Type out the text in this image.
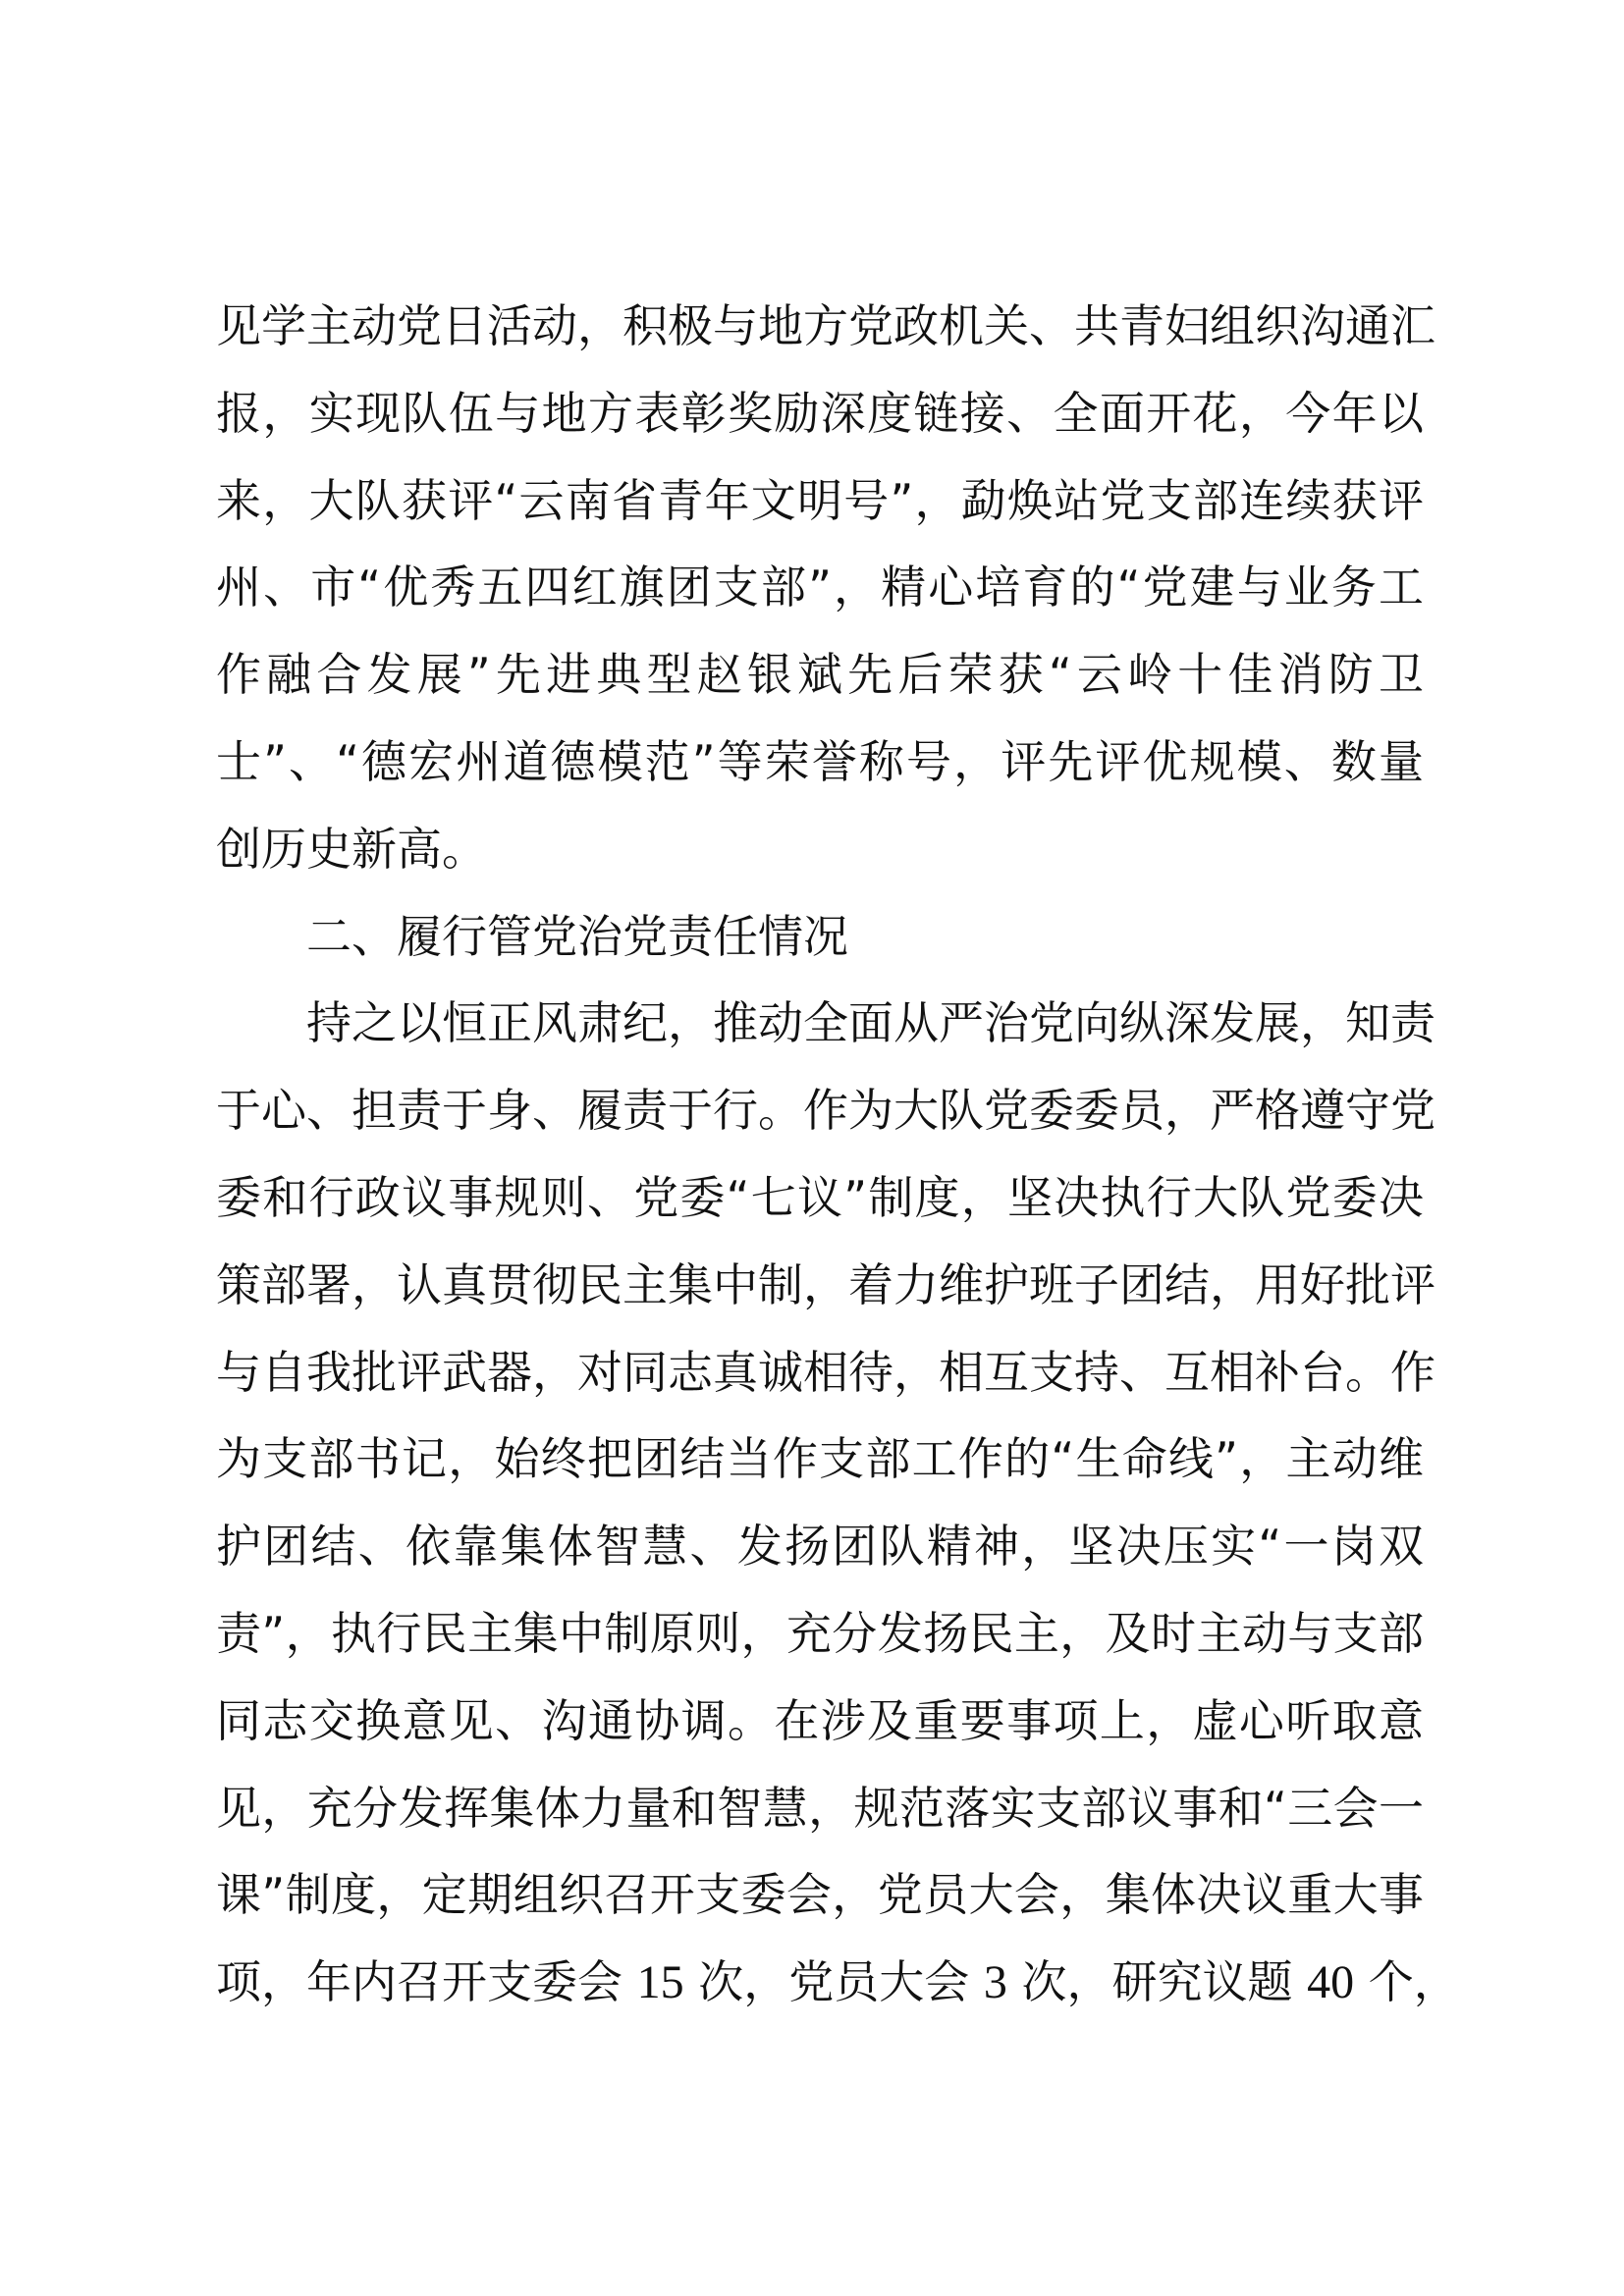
见学主动党日活动，积极与地方党政机关、共青妇组织沟通汇
报，实现队伍与地方表彰奖励深度链接、全面开花，今年以
来，大队获评“云南省青年文明号”，勐焕站党支部连续获评
州、市“优秀五四红旗团支部”，精心培育的“党建与业务工
作融合发展”先进典型赵银斌先后荣获“云岭十佳消防卫
士”、“德宏州道德模范”等荣誉称号，评先评优规模、数量
创历史新高。
二、履行管党治党责任情况
持之以恒正风肃纪，推动全面从严治党向纵深发展，知责
于心、担责于身、履责于行。作为大队党委委员，严格遵守党
委和行政议事规则、党委“七议”制度，坚决执行大队党委决
策部署，认真贯彻民主集中制，着力维护班子团结，用好批评
与自我批评武器，对同志真诚相待，相互支持、互相补台。作
为支部书记，始终把团结当作支部工作的“生命线”，主动维
护团结、依靠集体智慧、发扬团队精神，坚决压实“一岗双
责”，执行民主集中制原则，充分发扬民主，及时主动与支部
同志交换意见、沟通协调。在涉及重要事项上，虚心听取意
见，充分发挥集体力量和智慧，规范落实支部议事和“三会一
课”制度，定期组织召开支委会，党员大会，集体决议重大事
项，年内召开支委会 15 次，党员大会 3 次，研究议题 40 个，
